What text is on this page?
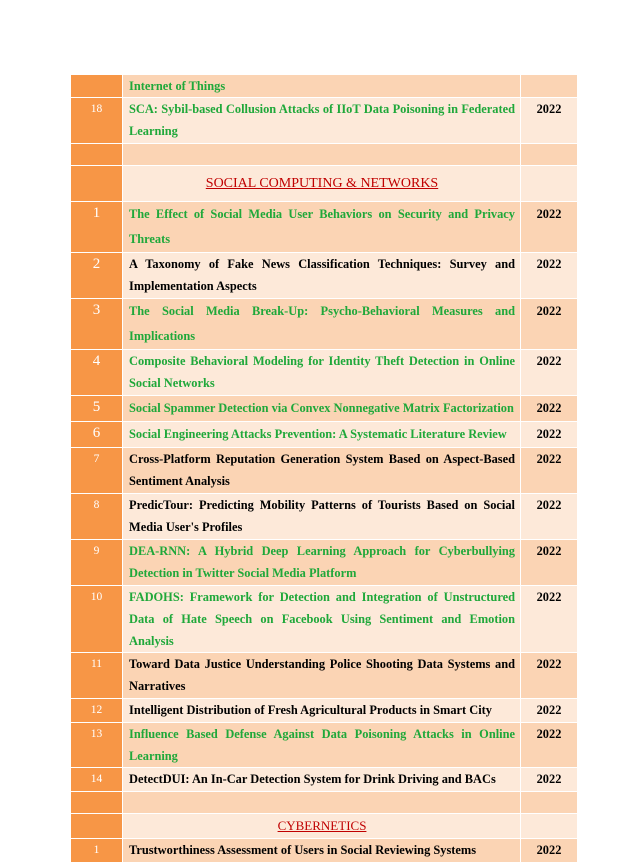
	Internet of Things	
18	SCA: Sybil-based Collusion Attacks of IIoT Data Poisoning in Federated Learning	2022

	SOCIAL COMPUTING & NETWORKS	
1	The Effect of Social Media User Behaviors on Security and Privacy Threats	2022
2	A Taxonomy of Fake News Classification Techniques: Survey and Implementation Aspects	2022
3	The Social Media Break-Up: Psycho-Behavioral Measures and Implications	2022
4	Composite Behavioral Modeling for Identity Theft Detection in Online Social Networks	2022
5	Social Spammer Detection via Convex Nonnegative Matrix Factorization	2022
6	Social Engineering Attacks Prevention: A Systematic Literature Review	2022
7	Cross-Platform Reputation Generation System Based on Aspect-Based Sentiment Analysis	2022
8	PredicTour: Predicting Mobility Patterns of Tourists Based on Social Media User's Profiles	2022
9	DEA-RNN: A Hybrid Deep Learning Approach for Cyberbullying Detection in Twitter Social Media Platform	2022
10	FADOHS: Framework for Detection and Integration of Unstructured Data of Hate Speech on Facebook Using Sentiment and Emotion Analysis	2022
11	Toward Data Justice Understanding Police Shooting Data Systems and Narratives	2022
12	Intelligent Distribution of Fresh Agricultural Products in Smart City	2022
13	Influence Based Defense Against Data Poisoning Attacks in Online Learning	2022
14	DetectDUI: An In-Car Detection System for Drink Driving and BACs	2022

	CYBERNETICS	
1	Trustworthiness Assessment of Users in Social Reviewing Systems	2022
